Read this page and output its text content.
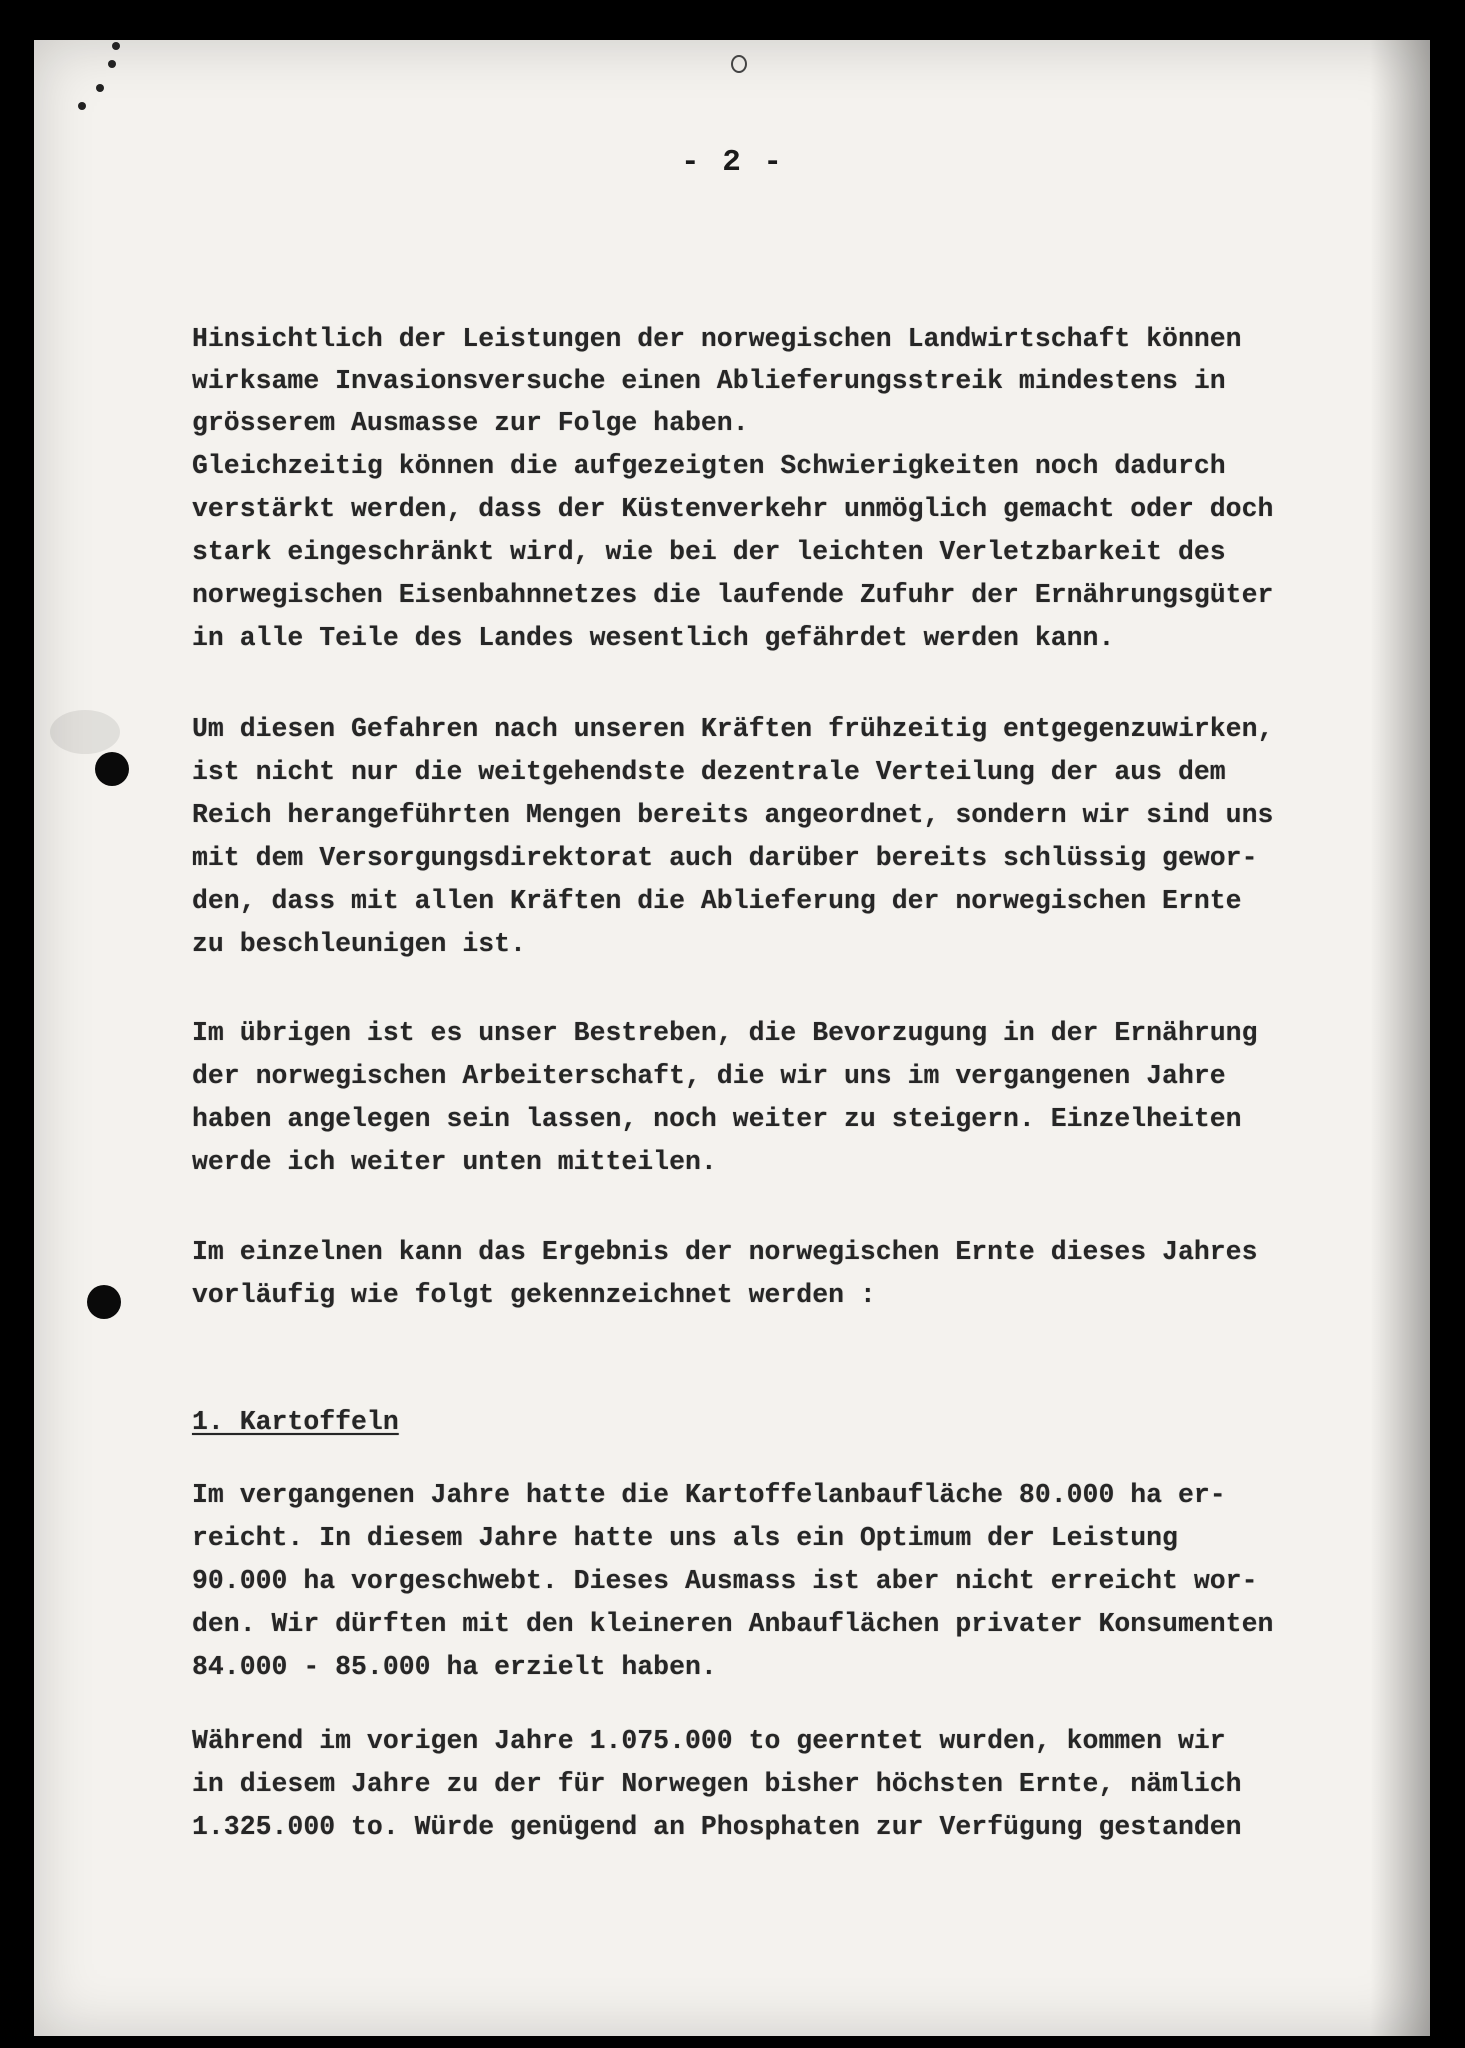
- 2 -
Hinsichtlich der Leistungen der norwegischen Landwirtschaft können
wirksame Invasionsversuche einen Ablieferungsstreik mindestens in
grösserem Ausmasse zur Folge haben.
Gleichzeitig können die aufgezeigten Schwierigkeiten noch dadurch
verstärkt werden, dass der Küstenverkehr unmöglich gemacht oder doch
stark eingeschränkt wird, wie bei der leichten Verletzbarkeit des
norwegischen Eisenbahnnetzes die laufende Zufuhr der Ernährungsgüter
in alle Teile des Landes wesentlich gefährdet werden kann.
Um diesen Gefahren nach unseren Kräften frühzeitig entgegenzuwirken,
ist nicht nur die weitgehendste dezentrale Verteilung der aus dem
Reich herangeführten Mengen bereits angeordnet, sondern wir sind uns
mit dem Versorgungsdirektorat auch darüber bereits schlüssig gewor-
den, dass mit allen Kräften die Ablieferung der norwegischen Ernte
zu beschleunigen ist.
Im übrigen ist es unser Bestreben, die Bevorzugung in der Ernährung
der norwegischen Arbeiterschaft, die wir uns im vergangenen Jahre
haben angelegen sein lassen, noch weiter zu steigern. Einzelheiten
werde ich weiter unten mitteilen.
Im einzelnen kann das Ergebnis der norwegischen Ernte dieses Jahres
vorläufig wie folgt gekennzeichnet werden :
1. Kartoffeln
Im vergangenen Jahre hatte die Kartoffelanbaufläche 80.000 ha er-
reicht. In diesem Jahre hatte uns als ein Optimum der Leistung
90.000 ha vorgeschwebt. Dieses Ausmass ist aber nicht erreicht wor-
den. Wir dürften mit den kleineren Anbauflächen privater Konsumenten
84.000 - 85.000 ha erzielt haben.
Während im vorigen Jahre 1.075.000 to geerntet wurden, kommen wir
in diesem Jahre zu der für Norwegen bisher höchsten Ernte, nämlich
1.325.000 to. Würde genügend an Phosphaten zur Verfügung gestanden
